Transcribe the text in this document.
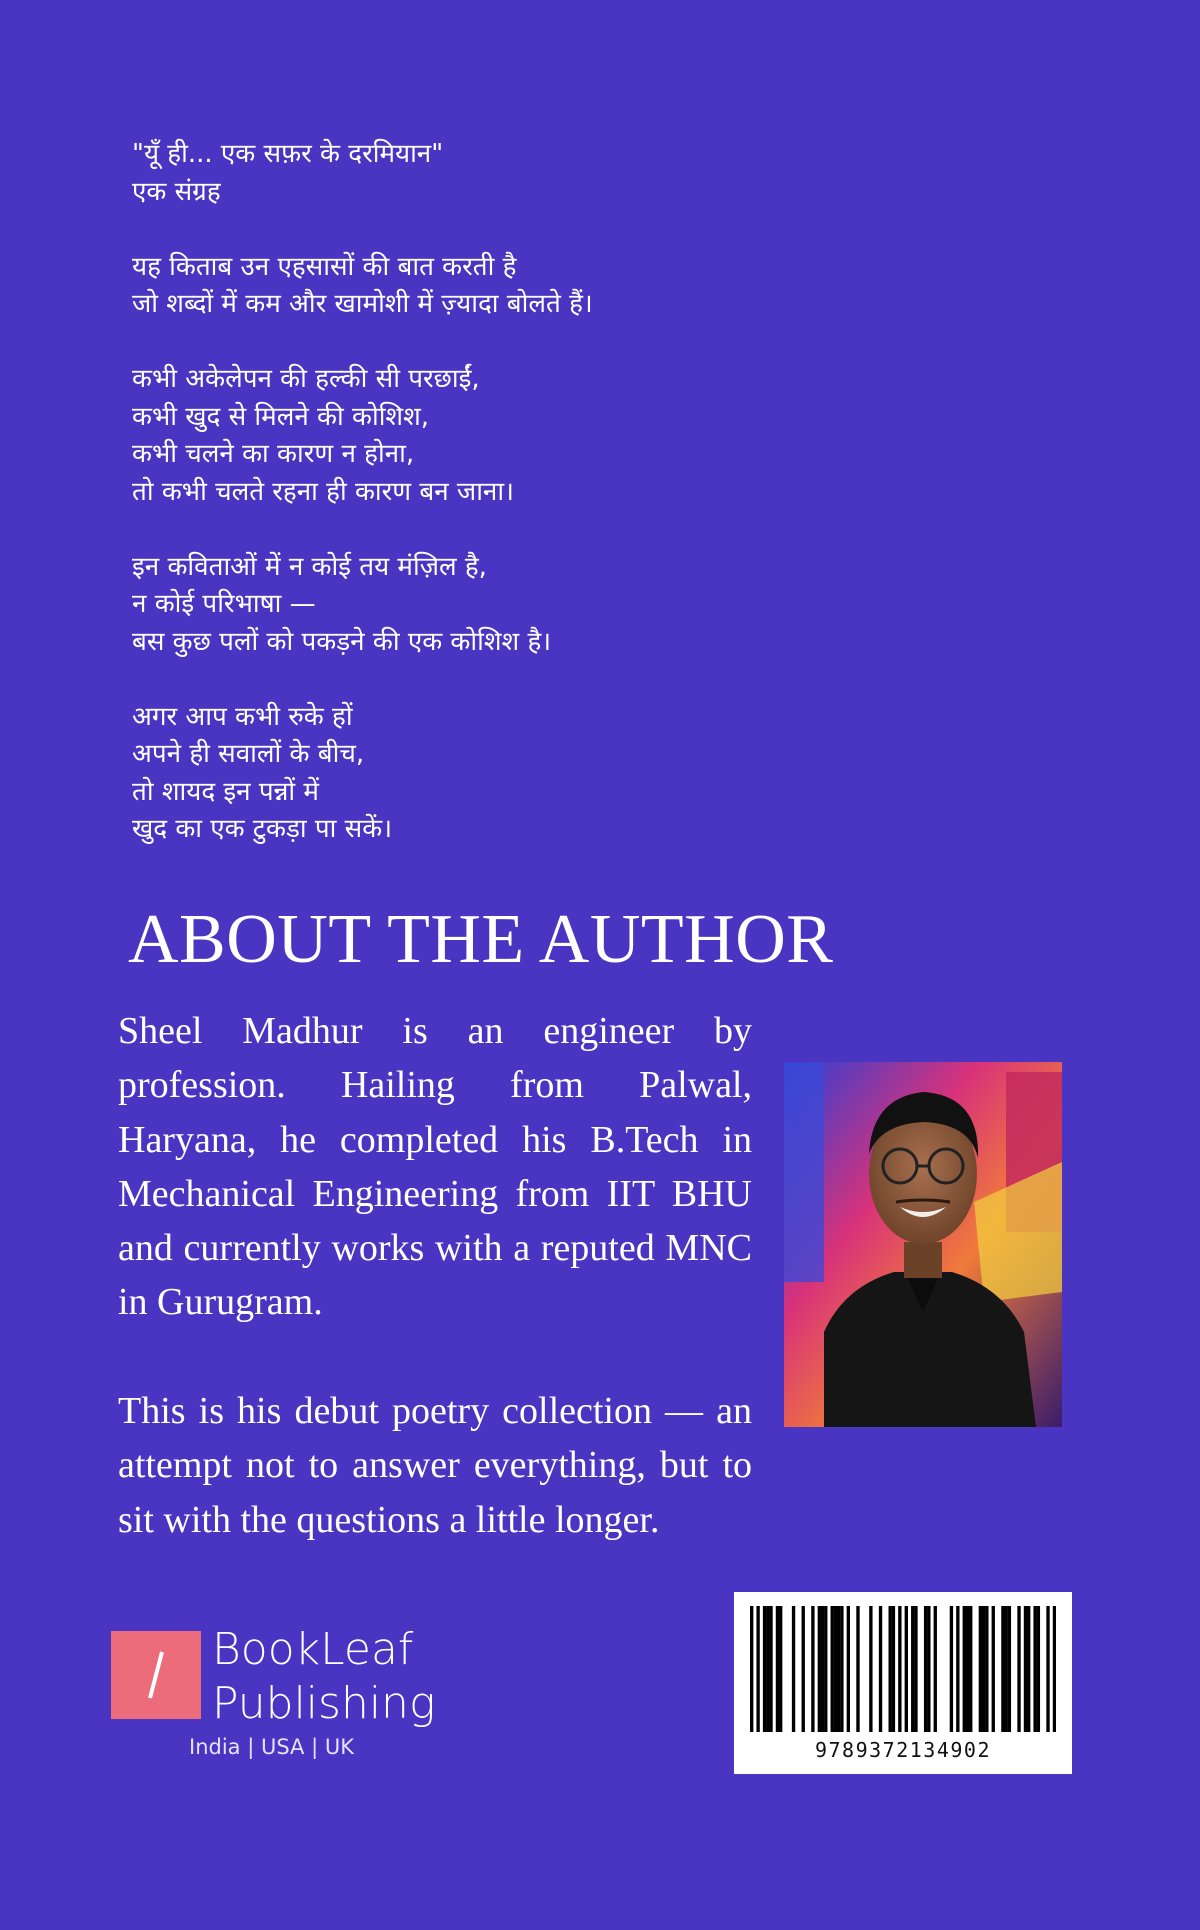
"यूँ ही... एक सफ़र के दरमियान"
एक संग्रह
यह किताब उन एहसासों की बात करती है
जो शब्दों में कम और खामोशी में ज़्यादा बोलते हैं।
कभी अकेलेपन की हल्की सी परछाईं,
कभी खुद से मिलने की कोशिश,
कभी चलने का कारण न होना,
तो कभी चलते रहना ही कारण बन जाना।
इन कविताओं में न कोई तय मंज़िल है,
न कोई परिभाषा —
बस कुछ पलों को पकड़ने की एक कोशिश है।
अगर आप कभी रुके हों
अपने ही सवालों के बीच,
तो शायद इन पन्नों में
खुद का एक टुकड़ा पा सकें।
ABOUT THE AUTHOR

Sheel Madhur is an engineer by profession. Hailing from Palwal, Haryana, he completed his B.Tech in Mechanical Engineering from IIT BHU and currently works with a reputed MNC in Gurugram.

This is his debut poetry collection — an attempt not to answer everything, but to sit with the questions a little longer.

BookLeaf
Publishing
India | USA | UK	9789372134902
